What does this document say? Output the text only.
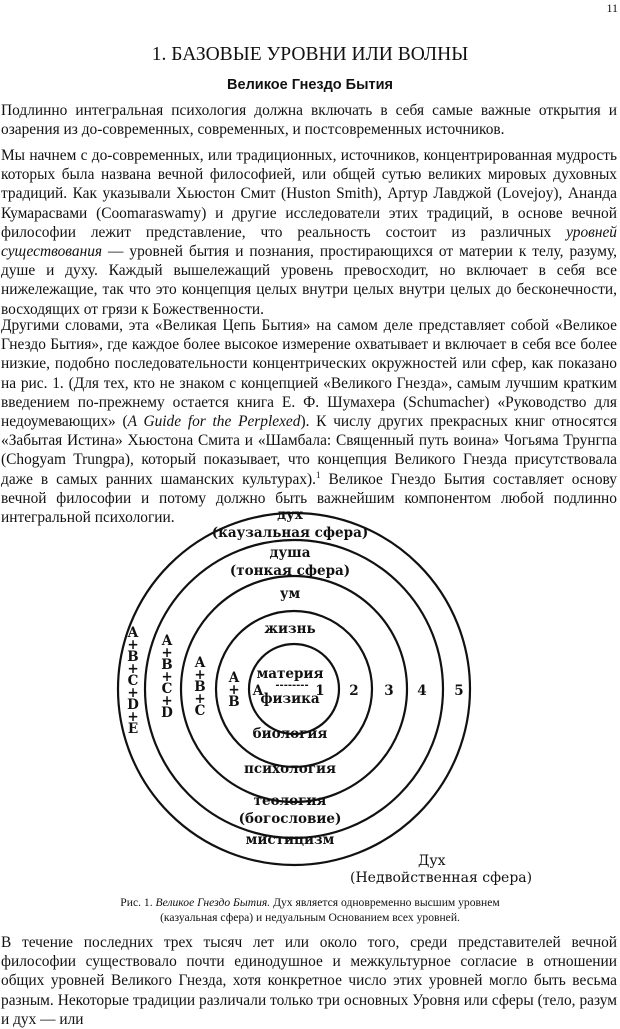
11
1. БАЗОВЫЕ УРОВНИ ИЛИ ВОЛНЫ
Великое Гнездо Бытия

Подлинно интегральная психология должна включать в себя самые важные открытия и озарения из до-современных, современных, и постсовременных источников.

Мы начнем с до-современных, или традиционных, источников, концентрированная мудрость которых была названа вечной философией, или общей сутью великих мировых духовных традиций. Как указывали Хьюстон Смит (Huston Smith), Артур Лавджой (Lovejoy), Ананда Кумарасвами (Coomaraswamy) и другие исследователи этих традиций, в основе вечной философии лежит представление, что реальность состоит из различных уровней существования — уровней бытия и познания, простирающихся от материи к телу, разуму, душе и духу. Каждый вышележащий уровень превосходит, но включает в себя все нижележащие, так что это концепция целых внутри целых внутри целых до бесконечности, восходящих от грязи к Божественности.

Другими словами, эта «Великая Цепь Бытия» на самом деле представляет собой «Великое Гнездо Бытия», где каждое более высокое измерение охватывает и включает в себя все более низкие, подобно последовательности концентрических окружностей или сфер, как показано на рис. 1. (Для тех, кто не знаком с концепцией «Великого Гнезда», самым лучшим кратким введением по-прежнему остается книга Е. Ф. Шумахера (Schumacher) «Руководство для недоумевающих» (A Guide for the Perplexed). К числу других прекрасных книг относятся «Забытая Истина» Хьюстона Смита и «Шамбала: Священный путь воина» Чогьяма Трунгпа (Chogyam Trungpa), который показывает, что концепция Великого Гнезда присутствовала даже в самых ранних шаманских культурах).$^1$ Великое Гнездо Бытия составляет основу вечной философии и потому должно быть важнейшим компонентом любой подлинно интегральной психологии.	дух
(каузальная сфера)
душа
(тонкая сфера)
ум
жизнь
материя
--------
физика
биология
психология
теология
(богословие)
мистицизм
1 2 3 4 5
A
A
+
B
A
+
B
+
C
A
+
B
+
C
+
D
A
+
B
+
C
+
D
+
E
Дух
(Недвойственная сфера)
Рис. 1. Великое Гнездо Бытия. Дух является одновременно высшим уровнем
(казуальная сфера) и недуальным Основанием всех уровней.

В течение последних трех тысяч лет или около того, среди представителей вечной философии существовало почти единодушное и межкультурное согласие в отношении общих уровней Великого Гнезда, хотя конкретное число этих уровней могло быть весьма разным. Некоторые традиции различали только три основных Уровня или сферы (тело, разум и дух — или
